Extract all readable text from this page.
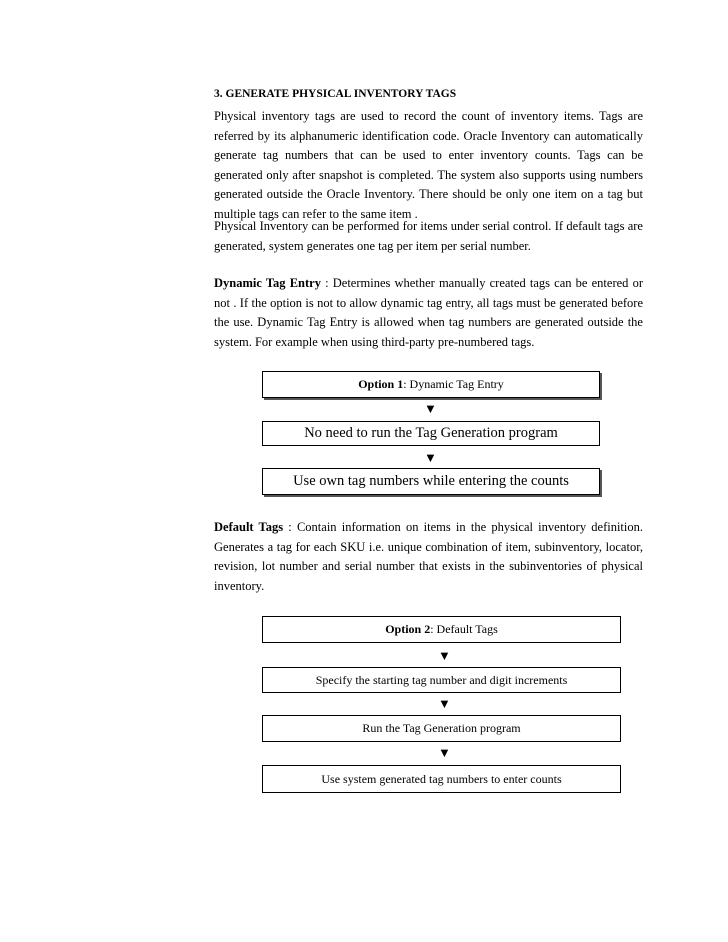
3. GENERATE PHYSICAL INVENTORY TAGS

Physical inventory tags are used to record the count of inventory items. Tags are referred by its alphanumeric identification code. Oracle Inventory can automatically generate tag numbers that can be used to enter inventory counts. Tags can be generated only after snapshot is completed. The system also supports using numbers generated outside the Oracle Inventory. There should be only one item on a tag but multiple tags can refer to the same item .

Physical Inventory can be performed for items under serial control. If default tags are generated, system generates one tag per item per serial number.

Dynamic Tag Entry : Determines whether manually created tags can be entered or not . If the option is not to allow dynamic tag entry, all tags must be generated before the use. Dynamic Tag Entry is allowed when tag numbers are generated outside the system. For example when using third-party pre-numbered tags.

Option 1: Dynamic Tag Entry
▼
No need to run the Tag Generation program
▼
Use own tag numbers while entering the counts

Default Tags : Contain information on items in the physical inventory definition. Generates a tag for each SKU i.e. unique combination of item, subinventory, locator, revision, lot number and serial number that exists in the subinventories of physical inventory.

Option 2: Default Tags
▼
Specify the starting tag number and digit increments
▼
Run the Tag Generation program
▼
Use system generated tag numbers to enter counts
